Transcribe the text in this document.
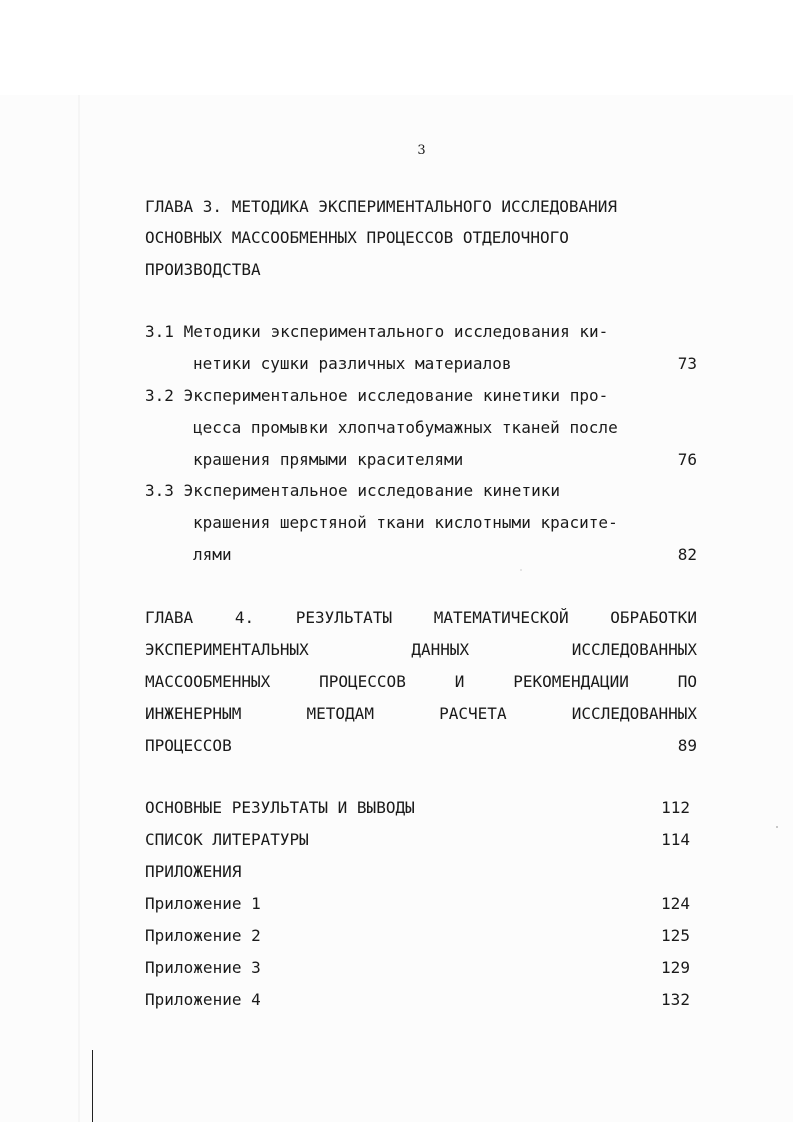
3
ГЛАВА 3. МЕТОДИКА ЭКСПЕРИМЕНТАЛЬНОГО ИССЛЕДОВАНИЯ
ОСНОВНЫХ МАССООБМЕННЫХ ПРОЦЕССОВ ОТДЕЛОЧНОГО
ПРОИЗВОДСТВА
3.1 Методики экспериментального исследования ки-
нетики сушки различных материалов	73
3.2 Экспериментальное исследование кинетики про-
цесса промывки хлопчатобумажных тканей после
крашения прямыми красителями	76
3.3 Экспериментальное исследование кинетики
крашения шерстяной ткани кислотными красите-
лями	82
ГЛАВА	4.	РЕЗУЛЬТАТЫ	МАТЕМАТИЧЕСКОЙ	ОБРАБОТКИ
ЭКСПЕРИМЕНТАЛЬНЫХ	ДАННЫХ	ИССЛЕДОВАННЫХ
МАССООБМЕННЫХ	ПРОЦЕССОВ	И	РЕКОМЕНДАЦИИ	ПО
ИНЖЕНЕРНЫМ	МЕТОДАМ	РАСЧЕТА	ИССЛЕДОВАННЫХ
ПРОЦЕССОВ	89
ОСНОВНЫЕ РЕЗУЛЬТАТЫ И ВЫВОДЫ	112
СПИСОК ЛИТЕРАТУРЫ	114
ПРИЛОЖЕНИЯ
Приложение 1	124
Приложение 2	125
Приложение 3	129
Приложение 4	132
